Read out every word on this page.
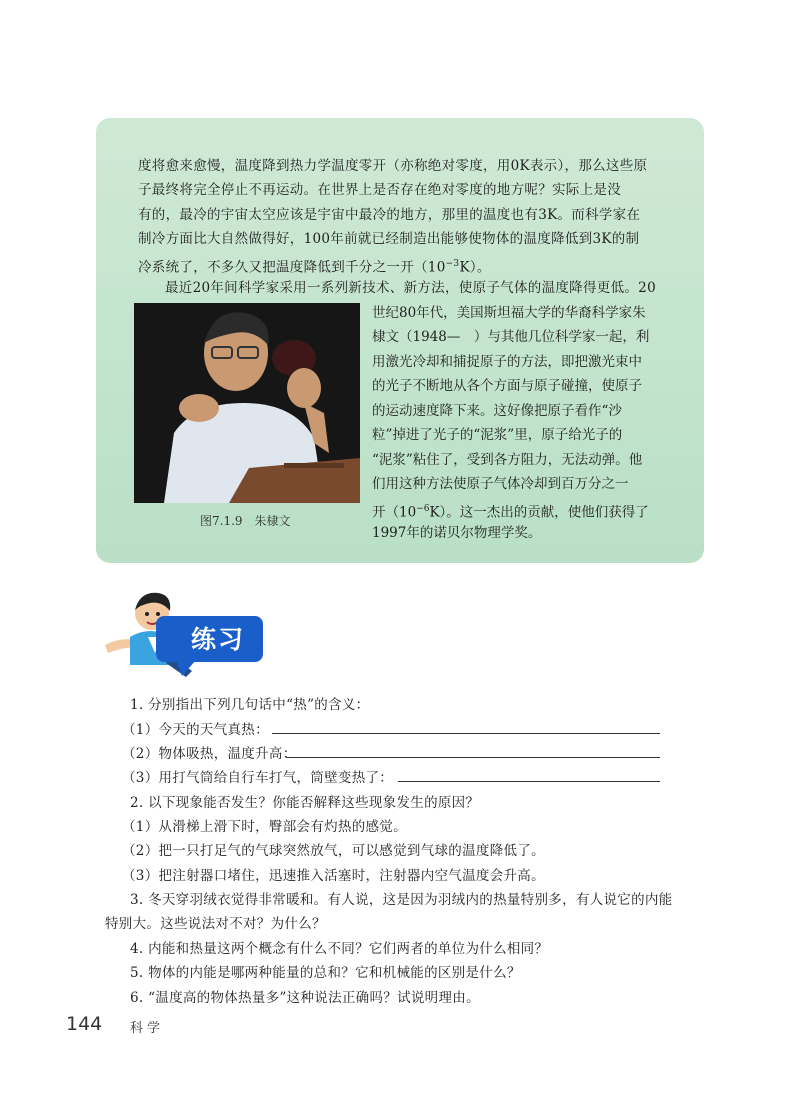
度将愈来愈慢，温度降到热力学温度零开（亦称绝对零度，用0K表示），那么这些原
子最终将完全停止不再运动。在世界上是否存在绝对零度的地方呢？实际上是没
有的，最冷的宇宙太空应该是宇宙中最冷的地方，那里的温度也有3K。而科学家在
制冷方面比大自然做得好，100年前就已经制造出能够使物体的温度降低到3K的制
冷系统了，不多久又把温度降低到千分之一开$(10^{-3}K)$。
最近20年间科学家采用一系列新技术、新方法，使原子气体的温度降得更低。20
图7.1.9　朱棣文
世纪80年代，美国斯坦福大学的华裔科学家朱
棣文（1948—　）与其他几位科学家一起，利
用激光冷却和捕捉原子的方法，即把激光束中
的光子不断地从各个方面与原子碰撞，使原子
的运动速度降下来。这好像把原子看作“沙
粒”掉进了光子的“泥浆”里，原子给光子的
“泥浆”粘住了，受到各方阻力，无法动弹。他
们用这种方法使原子气体冷却到百万分之一
开$(10^{-6}K)$。这一杰出的贡献，使他们获得了
1997年的诺贝尔物理学奖。
练习
1. 分别指出下列几句话中“热”的含义：
（1）今天的天气真热：
（2）物体吸热，温度升高：
（3）用打气筒给自行车打气，筒壁变热了：
2. 以下现象能否发生？你能否解释这些现象发生的原因？
（1）从滑梯上滑下时，臀部会有灼热的感觉。
（2）把一只打足气的气球突然放气，可以感觉到气球的温度降低了。
（3）把注射器口堵住，迅速推入活塞时，注射器内空气温度会升高。
3. 冬天穿羽绒衣觉得非常暖和。有人说，这是因为羽绒内的热量特别多，有人说它的内能
特别大。这些说法对不对？为什么？
4. 内能和热量这两个概念有什么不同？它们两者的单位为什么相同？
5. 物体的内能是哪两种能量的总和？它和机械能的区别是什么？
6. “温度高的物体热量多”这种说法正确吗？试说明理由。
144 科学
